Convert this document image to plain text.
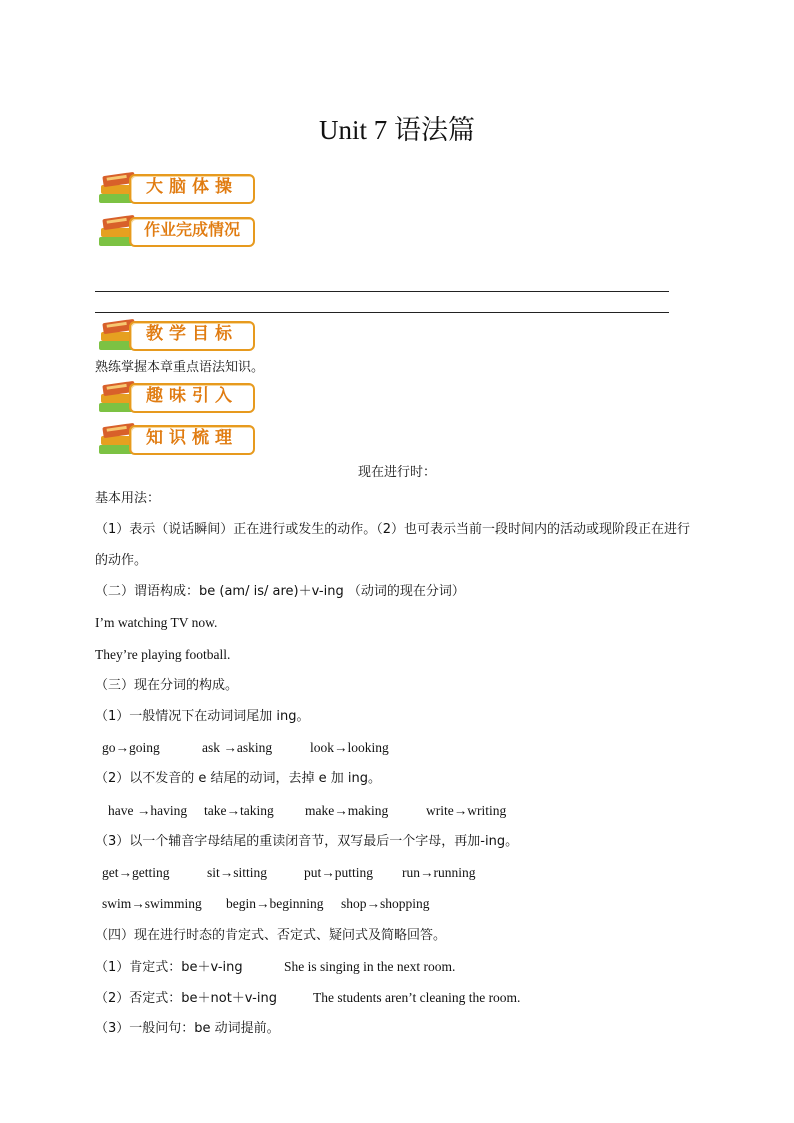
Unit 7 语法篇
大脑体操
作业完成情况
教学目标
熟练掌握本章重点语法知识。
趣味引入
知识梳理
现在进行时：
基本用法：
（1）表示（说话瞬间）正在进行或发生的动作。（2）也可表示当前一段时间内的活动或现阶段正在进行的动作。
（二）谓语构成：be (am/ is/ are)＋v-ing （动词的现在分词）
I’m watching TV now.
They’re playing football.
（三）现在分词的构成。
（1）一般情况下在动词词尾加 ing。
go→going	ask →asking	look→looking
（2）以不发音的 e 结尾的动词，去掉 e 加 ing。
have →having take→taking make→making	write→writing
（3）以一个辅音字母结尾的重读闭音节，双写最后一个字母，再加-ing。
get→getting	sit→sitting	put→putting run→running
swim→swimming begin→beginning shop→shopping
（四）现在进行时态的肯定式、否定式、疑问式及简略回答。
（1）肯定式：be＋v-ing	She is singing in the next room.
（2）否定式：be＋not＋v-ing	The students aren’t cleaning the room.
（3）一般问句：be 动词提前。
